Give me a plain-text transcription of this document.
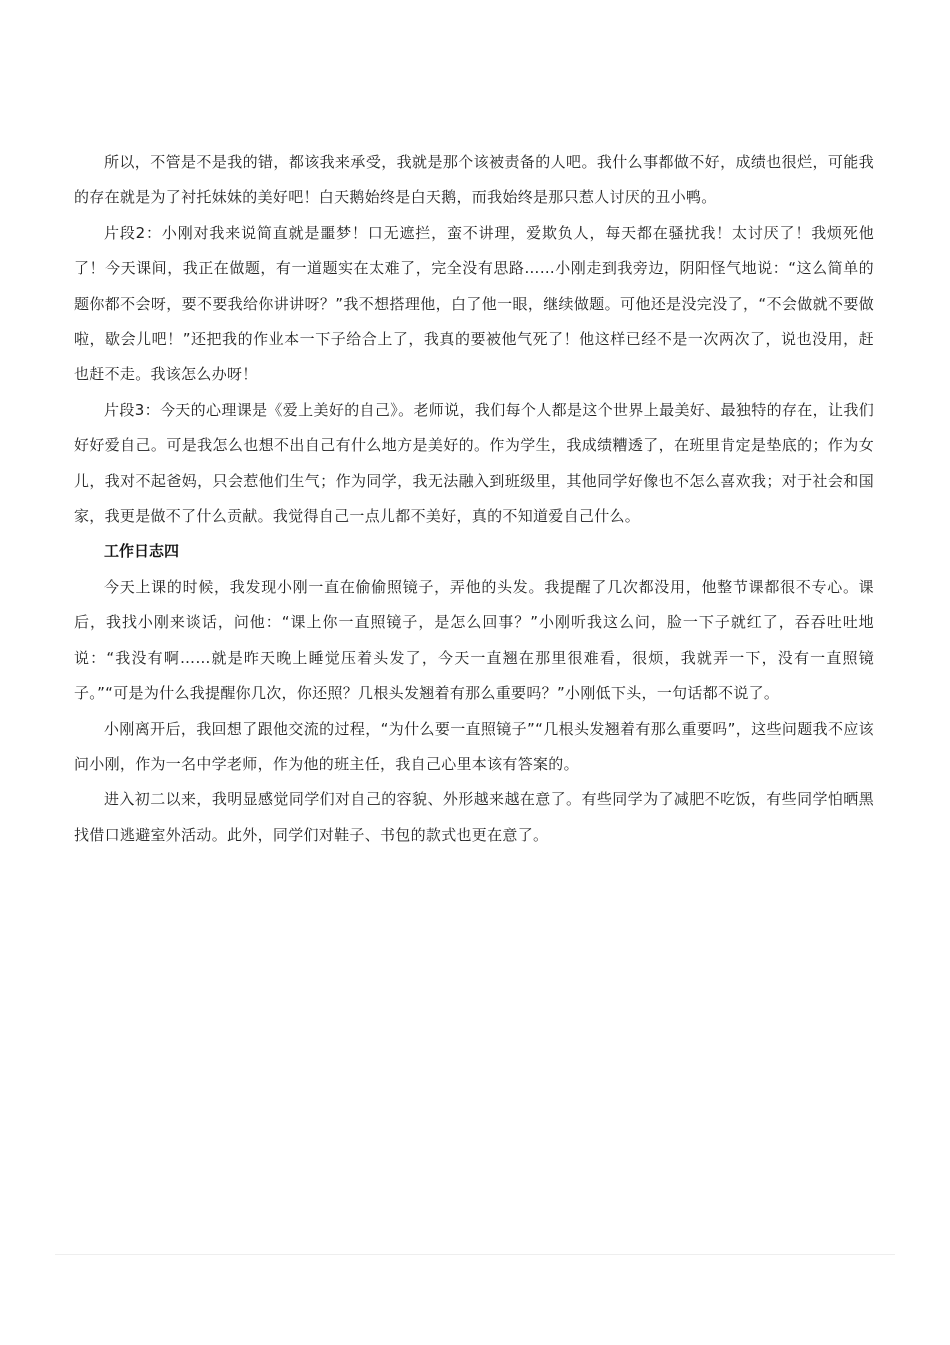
所以，不管是不是我的错，都该我来承受，我就是那个该被责备的人吧。我什么事都做不好，成绩也很烂，可能我的存在就是为了衬托妹妹的美好吧！白天鹅始终是白天鹅，而我始终是那只惹人讨厌的丑小鸭。

片段2：小刚对我来说简直就是噩梦！口无遮拦，蛮不讲理，爱欺负人，每天都在骚扰我！太讨厌了！我烦死他了！今天课间，我正在做题，有一道题实在太难了，完全没有思路……小刚走到我旁边，阴阳怪气地说：“这么简单的题你都不会呀，要不要我给你讲讲呀？”我不想搭理他，白了他一眼，继续做题。可他还是没完没了，“不会做就不要做啦，歇会儿吧！”还把我的作业本一下子给合上了，我真的要被他气死了！他这样已经不是一次两次了，说也没用，赶也赶不走。我该怎么办呀！

片段3：今天的心理课是《爱上美好的自己》。老师说，我们每个人都是这个世界上最美好、最独特的存在，让我们好好爱自己。可是我怎么也想不出自己有什么地方是美好的。作为学生，我成绩糟透了，在班里肯定是垫底的；作为女儿，我对不起爸妈，只会惹他们生气；作为同学，我无法融入到班级里，其他同学好像也不怎么喜欢我；对于社会和国家，我更是做不了什么贡献。我觉得自己一点儿都不美好，真的不知道爱自己什么。

工作日志四

今天上课的时候，我发现小刚一直在偷偷照镜子，弄他的头发。我提醒了几次都没用，他整节课都很不专心。课后，我找小刚来谈话，问他：“课上你一直照镜子，是怎么回事？”小刚听我这么问，脸一下子就红了，吞吞吐吐地说：“我没有啊……就是昨天晚上睡觉压着头发了，今天一直翘在那里很难看，很烦，我就弄一下，没有一直照镜子。”“可是为什么我提醒你几次，你还照？几根头发翘着有那么重要吗？”小刚低下头，一句话都不说了。

小刚离开后，我回想了跟他交流的过程，“为什么要一直照镜子”“几根头发翘着有那么重要吗”，这些问题我不应该问小刚，作为一名中学老师，作为他的班主任，我自己心里本该有答案的。

进入初二以来，我明显感觉同学们对自己的容貌、外形越来越在意了。有些同学为了减肥不吃饭，有些同学怕晒黑找借口逃避室外活动。此外，同学们对鞋子、书包的款式也更在意了。
